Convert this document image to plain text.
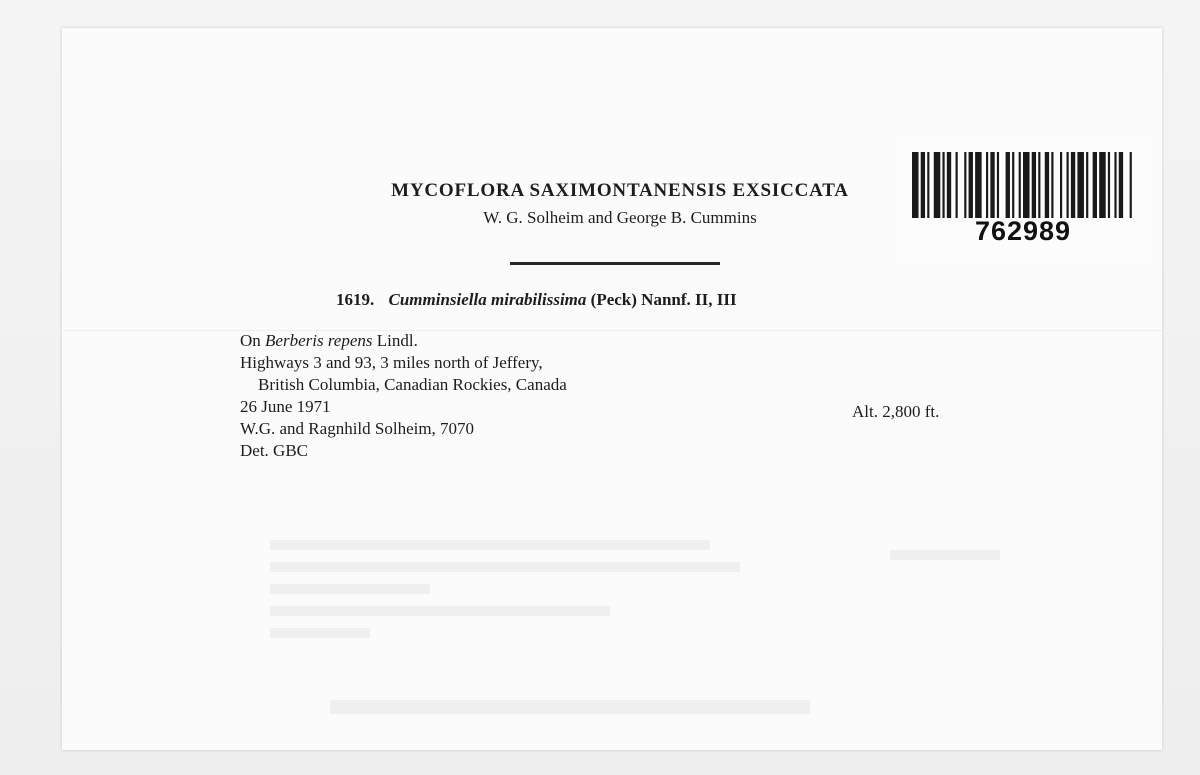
MYCOFLORA SAXIMONTANENSIS EXSICCATA
W. G. Solheim and George B. Cummins
1619. Cumminsiella mirabilissima (Peck) Nannf. II, III
On Berberis repens Lindl.
Highways 3 and 93, 3 miles north of Jeffery,
British Columbia, Canadian Rockies, Canada
26 June 1971
W.G. and Ragnhild Solheim, 7070
Det. GBC
Alt. 2,800 ft.
762989
